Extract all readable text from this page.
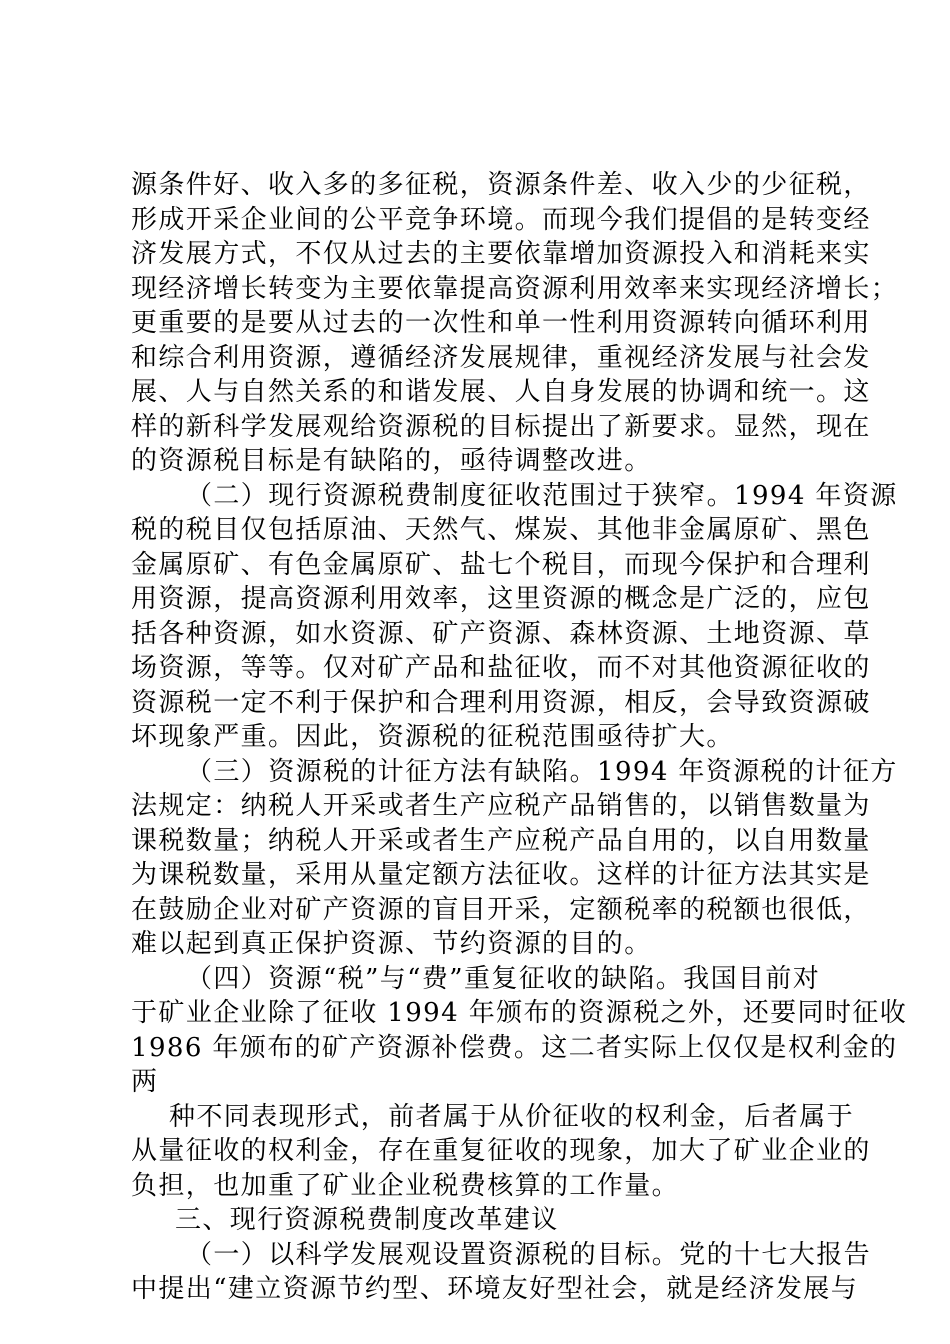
源条件好、收入多的多征税，资源条件差、收入少的少征税，
形成开采企业间的公平竞争环境。而现今我们提倡的是转变经
济发展方式，不仅从过去的主要依靠增加资源投入和消耗来实
现经济增长转变为主要依靠提高资源利用效率来实现经济增长；
更重要的是要从过去的一次性和单一性利用资源转向循环利用
和综合利用资源，遵循经济发展规律，重视经济发展与社会发
展、人与自然关系的和谐发展、人自身发展的协调和统一。这
样的新科学发展观给资源税的目标提出了新要求。显然，现在
的资源税目标是有缺陷的，亟待调整改进。
（二）现行资源税费制度征收范围过于狭窄。1994 年资源
税的税目仅包括原油、天然气、煤炭、其他非金属原矿、黑色
金属原矿、有色金属原矿、盐七个税目，而现今保护和合理利
用资源，提高资源利用效率，这里资源的概念是广泛的，应包
括各种资源，如水资源、矿产资源、森林资源、土地资源、草
场资源，等等。仅对矿产品和盐征收，而不对其他资源征收的
资源税一定不利于保护和合理利用资源，相反，会导致资源破
坏现象严重。因此，资源税的征税范围亟待扩大。
（三）资源税的计征方法有缺陷。1994 年资源税的计征方
法规定：纳税人开采或者生产应税产品销售的，以销售数量为
课税数量；纳税人开采或者生产应税产品自用的，以自用数量
为课税数量，采用从量定额方法征收。这样的计征方法其实是
在鼓励企业对矿产资源的盲目开采，定额税率的税额也很低，
难以起到真正保护资源、节约资源的目的。
（四）资源“税”与“费”重复征收的缺陷。我国目前对
于矿业企业除了征收 1994 年颁布的资源税之外，还要同时征收
1986 年颁布的矿产资源补偿费。这二者实际上仅仅是权利金的
两
种不同表现形式，前者属于从价征收的权利金，后者属于
从量征收的权利金，存在重复征收的现象，加大了矿业企业的
负担，也加重了矿业企业税费核算的工作量。
三、现行资源税费制度改革建议
（一）以科学发展观设置资源税的目标。党的十七大报告
中提出“建立资源节约型、环境友好型社会，就是经济发展与
